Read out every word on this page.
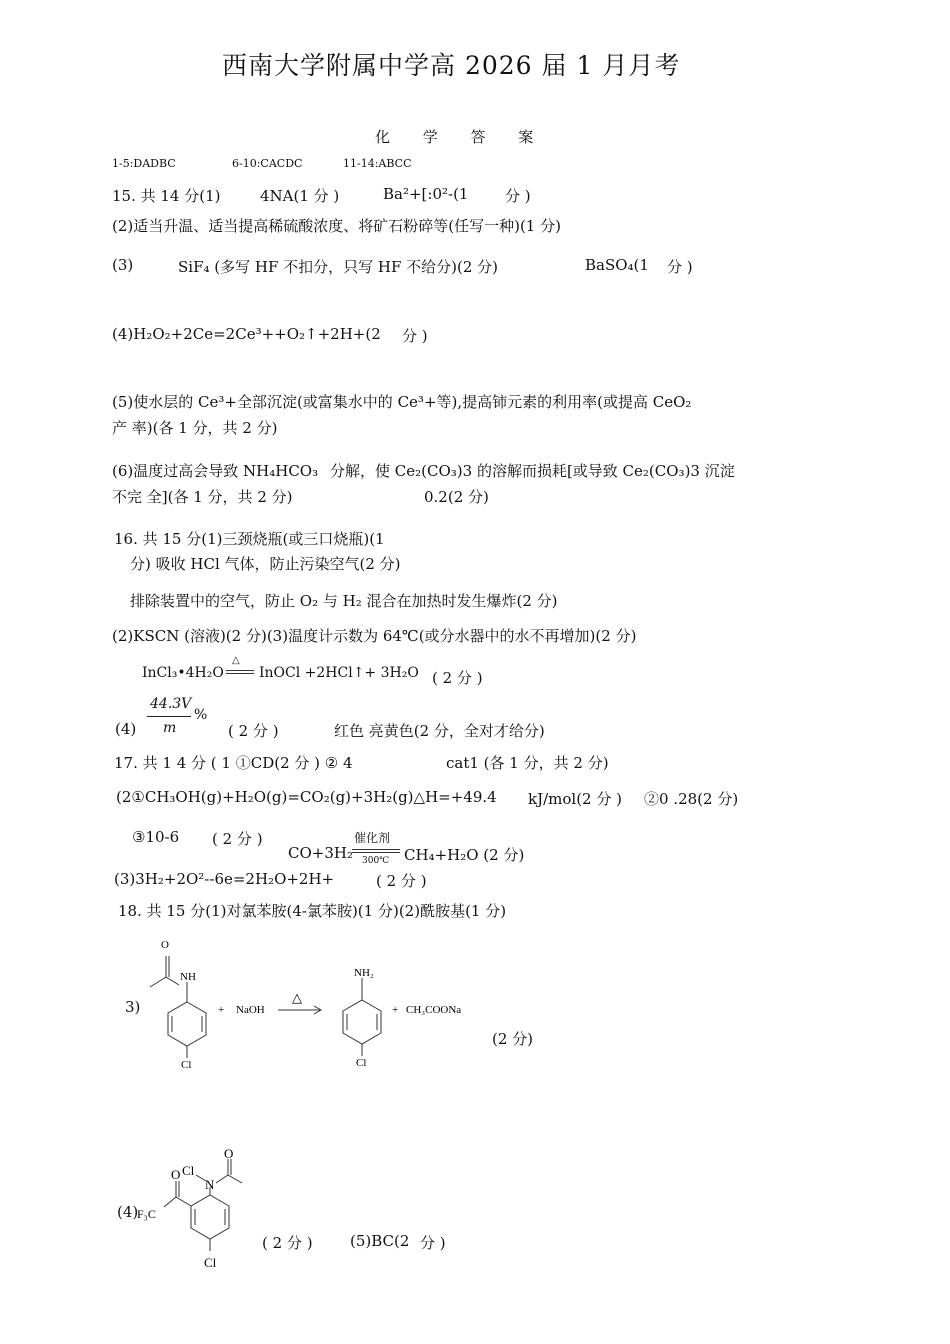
西南大学附属中学高 2026 届 1 月月考
化 学 答 案
1-5:DADBC	6-10:CACDC	11-14:ABCC
15. 共 14 分(1)	4NA(1 分 )	Ba²+[:0²-(1 分 )
(2)适当升温、适当提高稀硫酸浓度、将矿石粉碎等(任写一种)(1 分)
(3)	SiF₄ (多写 HF 不扣分，只写 HF 不给分)(2 分)	BaSO₄(1 分 )
(4)H₂O₂+2Ce=2Ce³++O₂↑+2H+(2 分 )
(5)使水层的 Ce³+全部沉淀(或富集水中的 Ce³+等),提高铈元素的利用率(或提高 CeO₂
产 率)(各 1 分，共 2 分)
(6)温度过高会导致 NH₄HCO₃ 分解，使 Ce₂(CO₃)3 的溶解而损耗[或导致 Ce₂(CO₃)3 沉淀
不完 全](各 1 分，共 2 分)	0.2(2 分)
16. 共 15 分(1)三颈烧瓶(或三口烧瓶)(1
分) 吸收 HCl 气体，防止污染空气(2 分)
排除装置中的空气，防止 O₂ 与 H₂ 混合在加热时发生爆炸(2 分)
(2)KSCN (溶液)(2 分)(3)温度计示数为 64℃(或分水器中的水不再增加)(2 分)
InCl₃•4H₂O
△
InOCl +2HCl↑+ 3H₂O ( 2 分 )
(4)
44.3V
m
%
( 2 分 )	红色 亮黄色(2 分，全对才给分)
17. 共 1 4 分 ( 1 ①CD(2 分 ) ② 4	cat1 (各 1 分，共 2 分)
(2①CH₃OH(g)+H₂O(g)=CO₂(g)+3H₂(g)△H=+49.4 kJ/mol(2 分 ) ②0 .28(2 分)
③10-6 ( 2 分 )
CO+3H₂
催化剂
300℃ CH₄+H₂O (2 分)
(3)3H₂+2O²--6e=2H₂O+2H+	( 2 分 )
18. 共 15 分(1)对氯苯胺(4-氯苯胺)(1 分)(2)酰胺基(1 分)
3)
O
NH
Cl
+ NaOH
△
NH₂
Cl
+ CH₃COONa
(2 分)
(4)
Cl
N
O
O
F₃C
Cl
( 2 分 ) (5)BC(2 分 )
